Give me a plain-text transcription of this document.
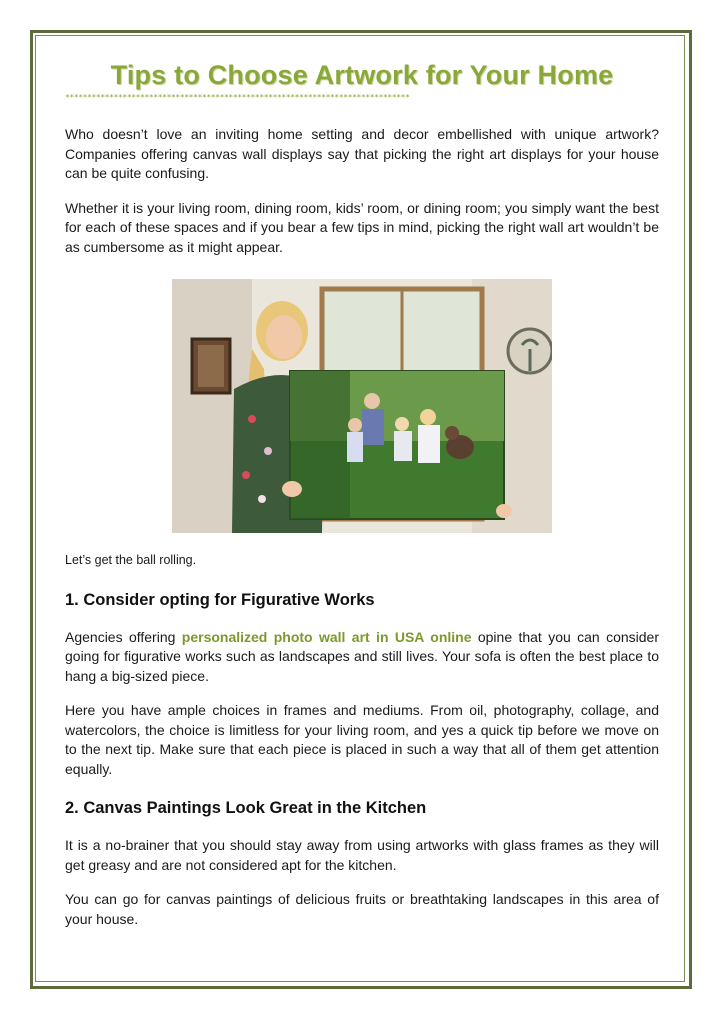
Tips to Choose Artwork for Your Home
******************************************************************************

Who doesn’t love an inviting home setting and decor embellished with unique artwork? Companies offering canvas wall displays say that picking the right art displays for your house can be quite confusing.

Whether it is your living room, dining room, kids’ room, or dining room; you simply want the best for each of these spaces and if you bear a few tips in mind, picking the right wall art wouldn’t be as cumbersome as it might appear.

Let’s get the ball rolling.

1. Consider opting for Figurative Works

Agencies offering personalized photo wall art in USA online opine that you can consider going for figurative works such as landscapes and still lives. Your sofa is often the best place to hang a big-sized piece.

Here you have ample choices in frames and mediums. From oil, photography, collage, and watercolors, the choice is limitless for your living room, and yes a quick tip before we move on to the next tip. Make sure that each piece is placed in such a way that all of them get attention equally.

2. Canvas Paintings Look Great in the Kitchen

It is a no-brainer that you should stay away from using artworks with glass frames as they will get greasy and are not considered apt for the kitchen.

You can go for canvas paintings of delicious fruits or breathtaking landscapes in this area of your house.
